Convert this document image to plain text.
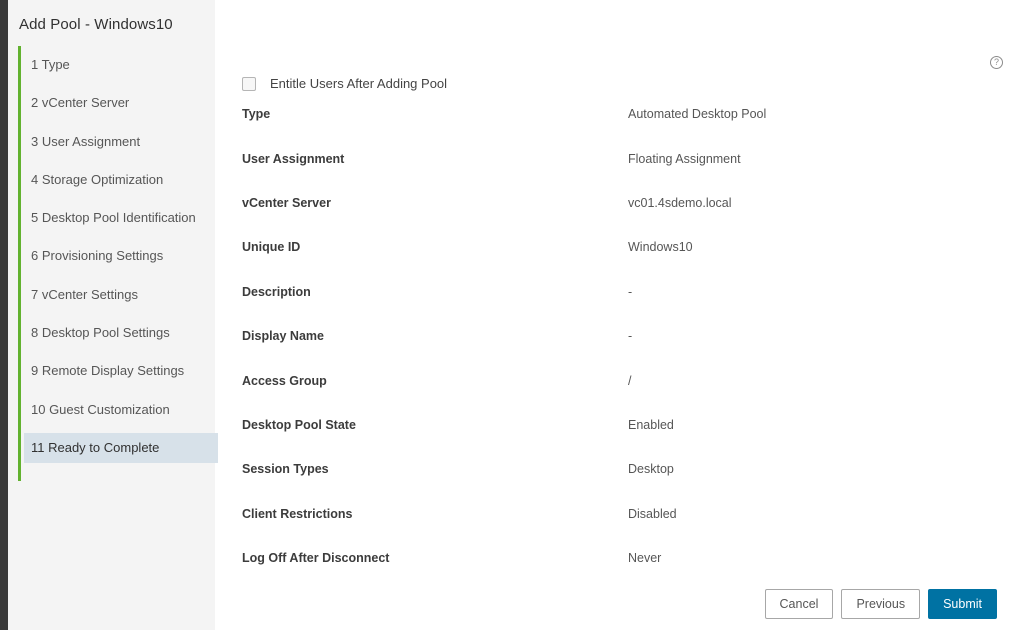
Add Pool - Windows10
1 Type
2 vCenter Server
3 User Assignment
4 Storage Optimization
5 Desktop Pool Identification
6 Provisioning Settings
7 vCenter Settings
8 Desktop Pool Settings
9 Remote Display Settings
10 Guest Customization
11 Ready to Complete
?
Entitle Users After Adding Pool
Type	Automated Desktop Pool
User Assignment	Floating Assignment
vCenter Server	vc01.4sdemo.local
Unique ID	Windows10
Description	-
Display Name	-
Access Group	/
Desktop Pool State	Enabled
Session Types	Desktop
Client Restrictions	Disabled
Log Off After Disconnect	Never
Cancel	Previous	Submit
